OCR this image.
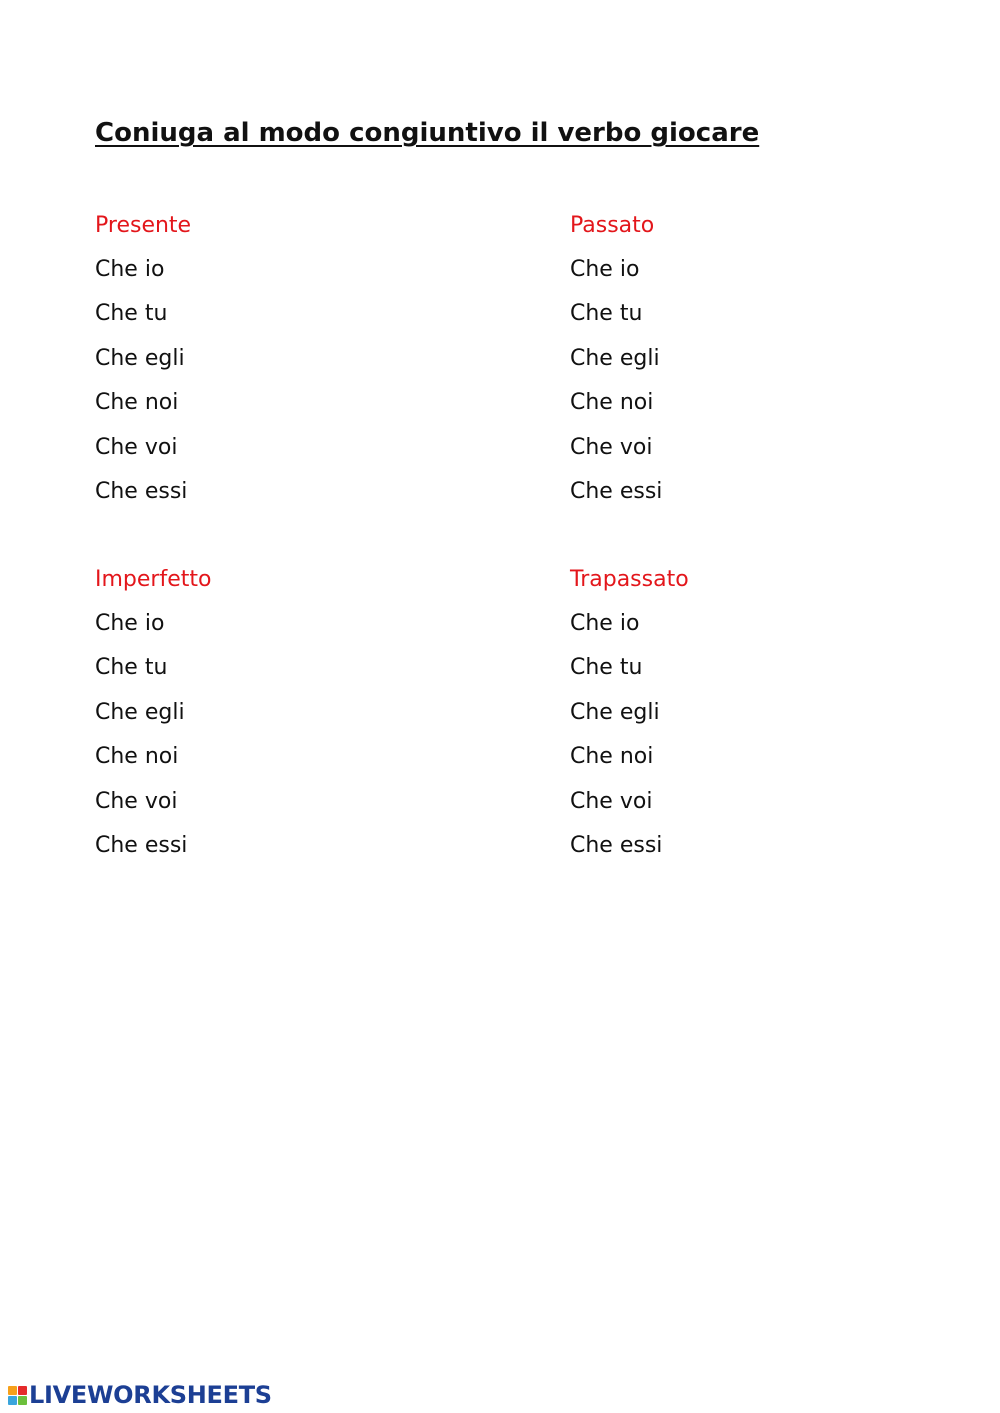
Coniuga al modo congiuntivo il verbo giocare
Presente
Che io
Che tu
Che egli
Che noi
Che voi
Che essi
Passato
Che io
Che tu
Che egli
Che noi
Che voi
Che essi
Imperfetto
Che io
Che tu
Che egli
Che noi
Che voi
Che essi
Trapassato
Che io
Che tu
Che egli
Che noi
Che voi
Che essi
LIVEWORKSHEETS
